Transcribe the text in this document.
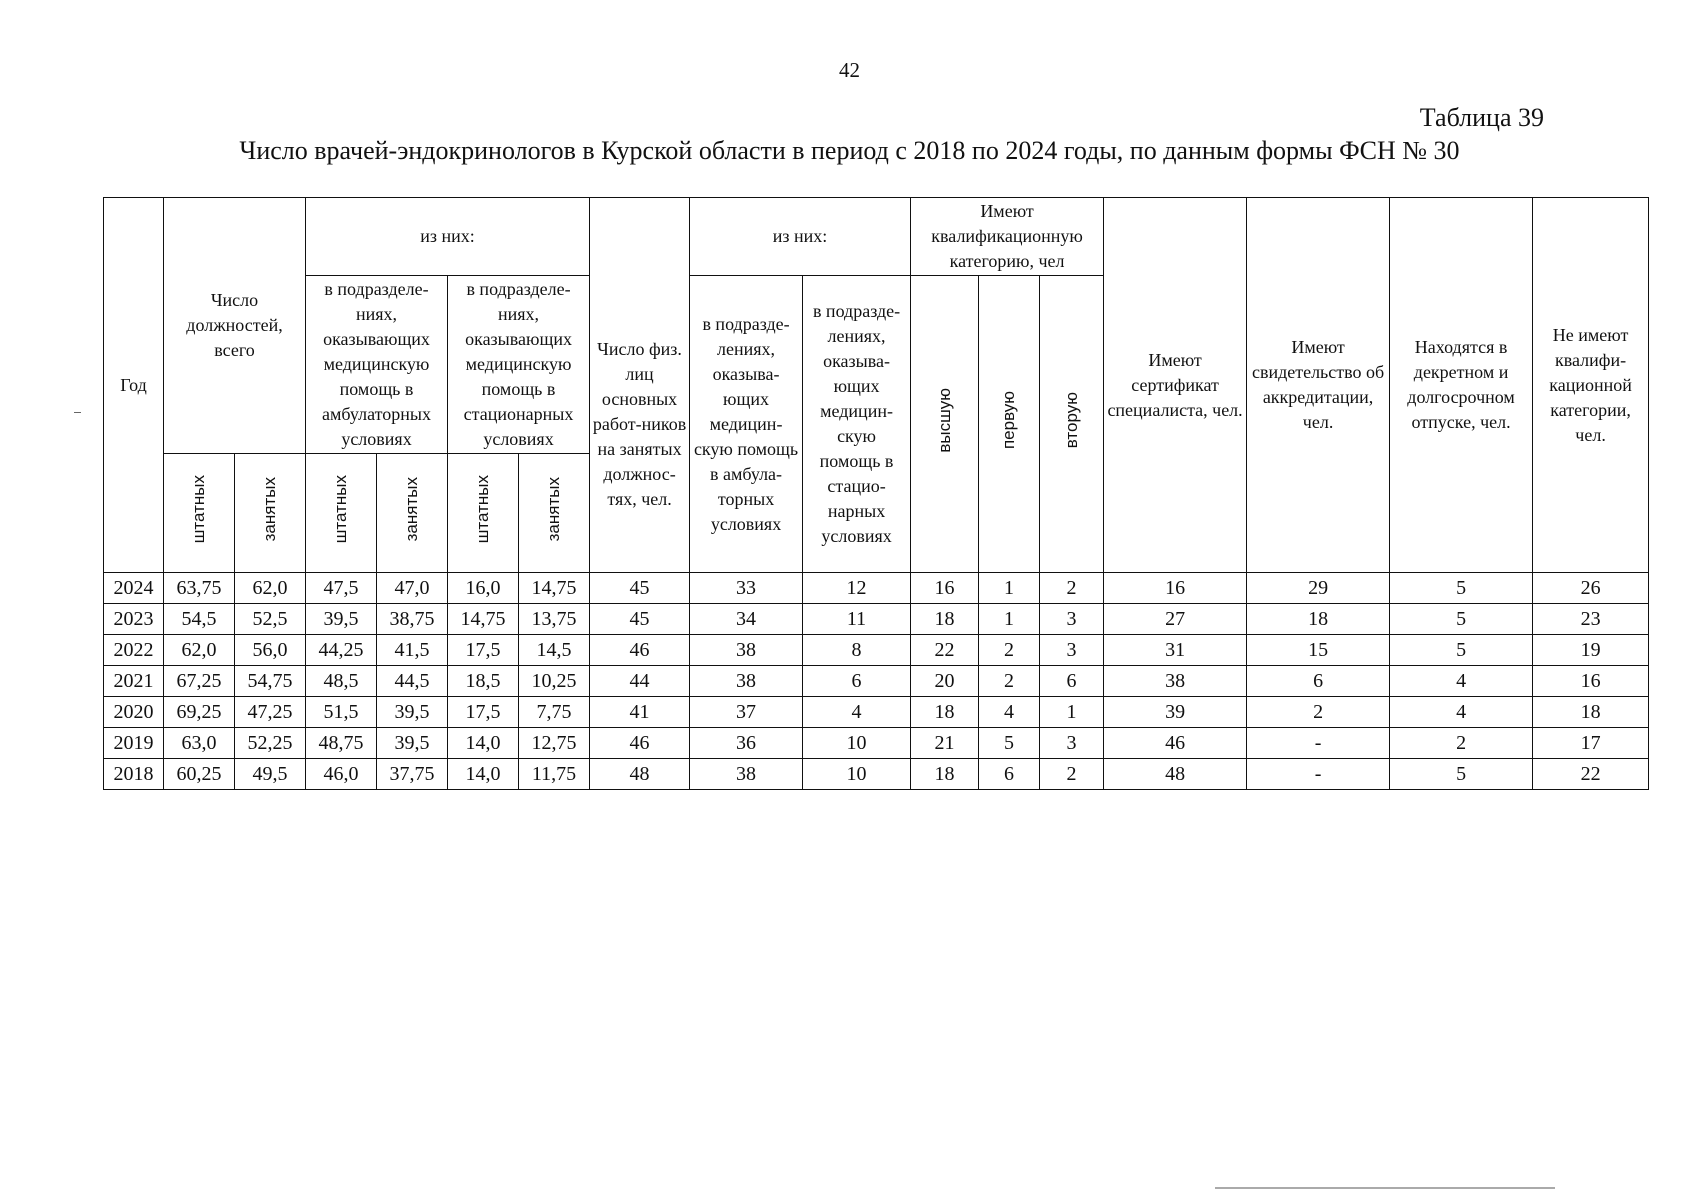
42
Таблица 39
Число врачей-эндокринологов в Курской области в период с 2018 по 2024 годы, по данным формы ФСН № 30
Год	Число должностей, всего		из них:				Число физ. лиц основных работ-ников на занятых должнос-тях, чел.	из них:		Имеют квалификационную категорию, чел			Имеют сертификат специалиста, чел.	Имеют свидетельство об аккредитации, чел.	Находятся в декретном и долгосрочном отпуске, чел.	Не имеют квалифи-кационной категории, чел.
			в подразделе-ниях, оказывающих медицинскую помощь в амбулаторных условиях		в подразделе-ниях, оказывающих медицинскую помощь в стационарных условиях			в подразде-лениях, оказыва-ющих медицин-скую помощь в амбула-торных условиях	в подразде-лениях, оказыва-ющих медицин-скую помощь в стацио-нарных условиях	высшую	первую	вторую				
	штатных	занятых	штатных	занятых	штатных	занятых										
2024	63,75	62,0	47,5	47,0	16,0	14,75	45	33	12	16	1	2	16	29	5	26
2023	54,5	52,5	39,5	38,75	14,75	13,75	45	34	11	18	1	3	27	18	5	23
2022	62,0	56,0	44,25	41,5	17,5	14,5	46	38	8	22	2	3	31	15	5	19
2021	67,25	54,75	48,5	44,5	18,5	10,25	44	38	6	20	2	6	38	6	4	16
2020	69,25	47,25	51,5	39,5	17,5	7,75	41	37	4	18	4	1	39	2	4	18
2019	63,0	52,25	48,75	39,5	14,0	12,75	46	36	10	21	5	3	46	-	2	17
2018	60,25	49,5	46,0	37,75	14,0	11,75	48	38	10	18	6	2	48	-	5	22
